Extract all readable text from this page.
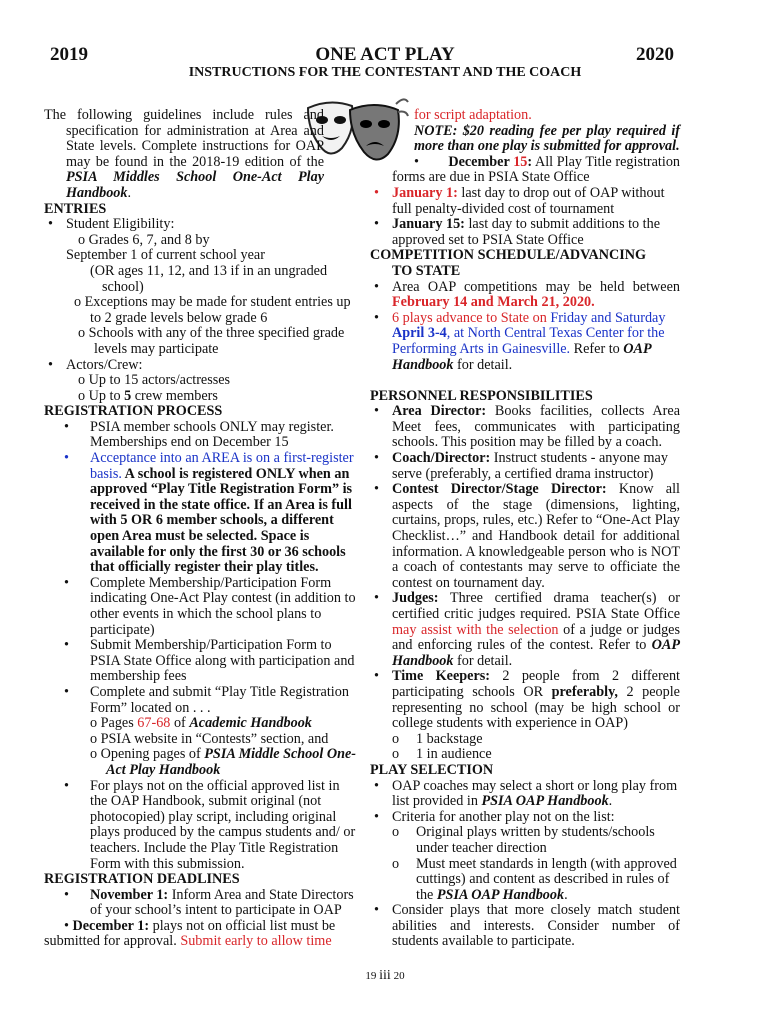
2019	ONE ACT PLAY	2020
INSTRUCTIONS FOR THE CONTESTANT AND THE COACH

The following guidelines include rules and specification for administration at Area and State levels. Complete instructions for OAP may be found in the 2018-19 edition of the PSIA Middles School One-Act Play Handbook.

ENTRIES

• Student Eligibility:

o Grades 6, 7, and 8 by

September 1 of current school year

(OR ages 11, 12, and 13 if in an ungraded school)

o Exceptions may be made for student entries up to 2 grade levels below grade 6

o Schools with any of the three specified grade levels may participate

• Actors/Crew:

o Up to 15 actors/actresses

o Up to 5 crew members

REGISTRATION PROCESS

• PSIA member schools ONLY may register. Memberships end on December 15

• Acceptance into an AREA is on a first-register basis. A school is registered ONLY when an approved “Play Title Registration Form” is received in the state office. If an Area is full with 5 OR 6 member schools, a different open Area must be selected. Space is available for only the first 30 or 36 schools that officially register their play titles.

• Complete Membership/Participation Form indicating One-Act Play contest (in addition to other events in which the school plans to participate)

• Submit Membership/Participation Form to PSIA State Office along with participation and membership fees

• Complete and submit “Play Title Registration Form” located on . . .

o Pages 67-68 of Academic Handbook

o PSIA website in “Contests” section, and

o Opening pages of PSIA Middle School One-Act Play Handbook

• For plays not on the official approved list in the OAP Handbook, submit original (not photocopied) play script, including original plays produced by the campus students and/ or teachers. Include the Play Title Registration Form with this submission.

REGISTRATION DEADLINES

• November 1: Inform Area and State Directors of your school’s intent to participate in OAP

• December 1: plays not on official list must be submitted for approval. Submit early to allow time

for script adaptation.

NOTE: $20 reading fee per play required if more than one play is submitted for approval.

•        December 15: All Play Title registration forms are due in PSIA State Office

• January 1: last day to drop out of OAP without full penalty-divided cost of tournament

• January 15: last day to submit additions to the approved set to PSIA State Office

COMPETITION SCHEDULE/ADVANCING

TO STATE

• Area OAP competitions may be held between February 14 and March 21, 2020.

• 6 plays advance to State on Friday and Saturday April 3-4, at North Central Texas Center for the Performing Arts in Gainesville. Refer to OAP Handbook for detail.

PERSONNEL RESPONSIBILITIES

• Area Director: Books facilities, collects Area Meet fees, communicates with participating schools. This position may be filled by a coach.

• Coach/Director: Instruct students - anyone may serve (preferably, a certified drama instructor)

• Contest Director/Stage Director: Know all aspects of the stage (dimensions, lighting, curtains, props, rules, etc.) Refer to “One-Act Play Checklist…” and Handbook detail for additional information. A knowledgeable person who is NOT a coach of contestants may serve to officiate the contest on tournament day.

• Judges: Three certified drama teacher(s) or certified critic judges required. PSIA State Office may assist with the selection of a judge or judges and enforcing rules of the contest. Refer to OAP Handbook for detail.

• Time Keepers: 2 people from 2 different participating schools OR preferably, 2 people representing no school (may be high school or college students with experience in OAP)

o 1 backstage

o 1 in audience

PLAY SELECTION

• OAP coaches may select a short or long play from list provided in PSIA OAP Handbook.

• Criteria for another play not on the list:

o Original plays written by students/schools under teacher direction

o Must meet standards in length (with approved cuttings) and content as described in rules of the PSIA OAP Handbook.

• Consider plays that more closely match student abilities and interests. Consider number of students available to participate.

19 iii 20
